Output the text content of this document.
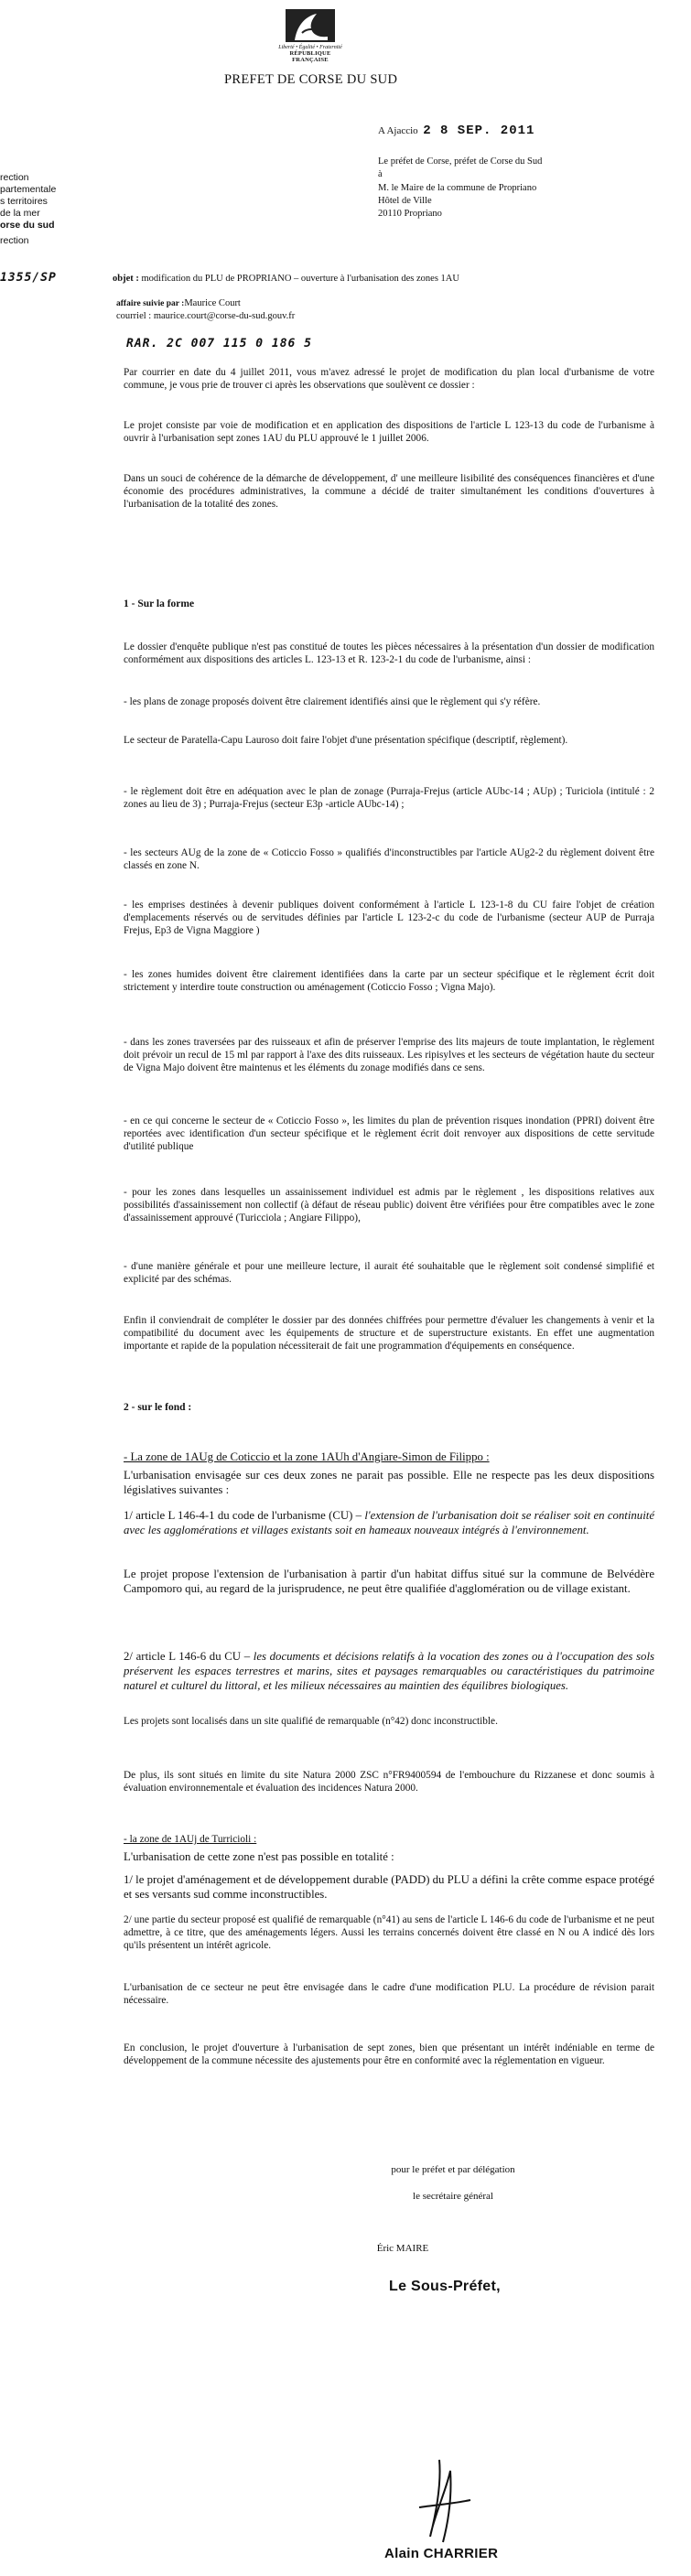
Liberté • Égalité • Fraternité
RÉPUBLIQUE FRANÇAISE
PREFET DE CORSE DU SUD
A Ajaccio 2 8 SEP. 2011
Le préfet de Corse, préfet de Corse du Sud
à
M. le Maire de la commune de Propriano
Hôtel de Ville
20110 Propriano
rection
partementale
s territoires
de la mer
orse du sud
rection
1355/SP	objet : modification du PLU de PROPRIANO – ouverture à l'urbanisation des zones 1AU
affaire suivie par :Maurice Court
courriel : maurice.court@corse-du-sud.gouv.fr
RAR. 2C 007 115 0 186 5

Par courrier en date du 4 juillet 2011, vous m'avez adressé le projet de modification du plan local d'urbanisme de votre commune, je vous prie de trouver ci après les observations que soulèvent ce dossier :

Le projet consiste par voie de modification et en application des dispositions de l'article L 123-13 du code de l'urbanisme à ouvrir à l'urbanisation sept zones 1AU du PLU approuvé le 1 juillet 2006.

Dans un souci de cohérence de la démarche de développement, d' une meilleure lisibilité des conséquences financières et d'une économie des procédures administratives, la commune a décidé de traiter simultanément les conditions d'ouvertures à l'urbanisation de la totalité des zones.

1 - Sur la forme

Le dossier d'enquête publique n'est pas constitué de toutes les pièces nécessaires à la présentation d'un dossier de modification conformément aux dispositions des articles L. 123-13 et R. 123-2-1 du code de l'urbanisme, ainsi :

- les plans de zonage proposés doivent être clairement identifiés ainsi que le règlement qui s'y réfère.

Le secteur de Paratella-Capu Lauroso doit faire l'objet d'une présentation spécifique (descriptif, règlement).

- le règlement doit être en adéquation avec le plan de zonage (Purraja-Frejus (article AUbc-14 ; AUp) ; Turiciola (intitulé : 2 zones au lieu de 3) ; Purraja-Frejus (secteur E3p -article AUbc-14) ;

- les secteurs AUg de la zone de « Coticcio Fosso » qualifiés d'inconstructibles par l'article AUg2-2 du règlement doivent être classés en zone N.

- les emprises destinées à devenir publiques doivent conformément à l'article L 123-1-8 du CU faire l'objet de création d'emplacements réservés ou de servitudes définies par l'article L 123-2-c du code de l'urbanisme (secteur AUP de Purraja Frejus, Ep3 de Vigna Maggiore )

- les zones humides doivent être clairement identifiées dans la carte par un secteur spécifique et le règlement écrit doit strictement y interdire toute construction ou aménagement (Coticcio Fosso ; Vigna Majo).

- dans les zones traversées par des ruisseaux et afin de préserver l'emprise des lits majeurs de toute implantation, le règlement doit prévoir un recul de 15 ml par rapport à l'axe des dits ruisseaux. Les ripisylves et les secteurs de végétation haute du secteur de Vigna Majo doivent être maintenus et les éléments du zonage modifiés dans ce sens.

- en ce qui concerne le secteur de « Coticcio Fosso », les limites du plan de prévention risques inondation (PPRI) doivent être reportées avec identification d'un secteur spécifique et le règlement écrit doit renvoyer aux dispositions de cette servitude d'utilité publique

- pour les zones dans lesquelles un assainissement individuel est admis par le règlement , les dispositions relatives aux possibilités d'assainissement non collectif (à défaut de réseau public) doivent être vérifiées pour être compatibles avec le zone d'assainissement approuvé (Turicciola ; Angiare Filippo),

- d'une manière générale et pour une meilleure lecture, il aurait été souhaitable que le règlement soit condensé simplifié et explicité par des schémas.

Enfin il conviendrait de compléter le dossier par des données chiffrées pour permettre d'évaluer les changements à venir et la compatibilité du document avec les équipements de structure et de superstructure existants. En effet une augmentation importante et rapide de la population nécessiterait de fait une programmation d'équipements en conséquence.

2 - sur le fond :
- La zone de 1AUg de Coticcio et la zone 1AUh d'Angiare-Simon de Filippo :

L'urbanisation envisagée sur ces deux zones ne parait pas possible. Elle ne respecte pas les deux dispositions législatives suivantes :

1/ article L 146-4-1 du code de l'urbanisme (CU) – l'extension de l'urbanisation doit se réaliser soit en continuité avec les agglomérations et villages existants soit en hameaux nouveaux intégrés à l'environnement.

Le projet propose l'extension de l'urbanisation à partir d'un habitat diffus situé sur la commune de Belvédère Campomoro qui, au regard de la jurisprudence, ne peut être qualifiée d'agglomération ou de village existant.

2/ article L 146-6 du CU – les documents et décisions relatifs à la vocation des zones ou à l'occupation des sols préservent les espaces terrestres et marins, sites et paysages remarquables ou caractéristiques du patrimoine naturel et culturel du littoral, et les milieux nécessaires au maintien des équilibres biologiques.

Les projets sont localisés dans un site qualifié de remarquable (n°42) donc inconstructible.

De plus, ils sont situés en limite du site Natura 2000 ZSC n°FR9400594 de l'embouchure du Rizzanese et donc soumis à évaluation environnementale et évaluation des incidences Natura 2000.

- la zone de 1AUj de Turricioli :

L'urbanisation de cette zone n'est pas possible en totalité :

1/ le projet d'aménagement et de développement durable (PADD) du PLU a défini la crête comme espace protégé et ses versants sud comme inconstructibles.

2/ une partie du secteur proposé est qualifié de remarquable (n°41) au sens de l'article L 146-6 du code de l'urbanisme et ne peut admettre, à ce titre, que des aménagements légers. Aussi les terrains concernés doivent être classé en N ou A indicé dès lors qu'ils présentent un intérêt agricole.

L'urbanisation de ce secteur ne peut être envisagée dans le cadre d'une modification PLU. La procédure de révision parait nécessaire.

En conclusion, le projet d'ouverture à l'urbanisation de sept zones, bien que présentant un intérêt indéniable en terme de développement de la commune nécessite des ajustements pour être en conformité avec la réglementation en vigueur.

pour le préfet et par délégation
le secrétaire général
Éric MAIRE
Le Sous-Préfet,
Alain CHARRIER
